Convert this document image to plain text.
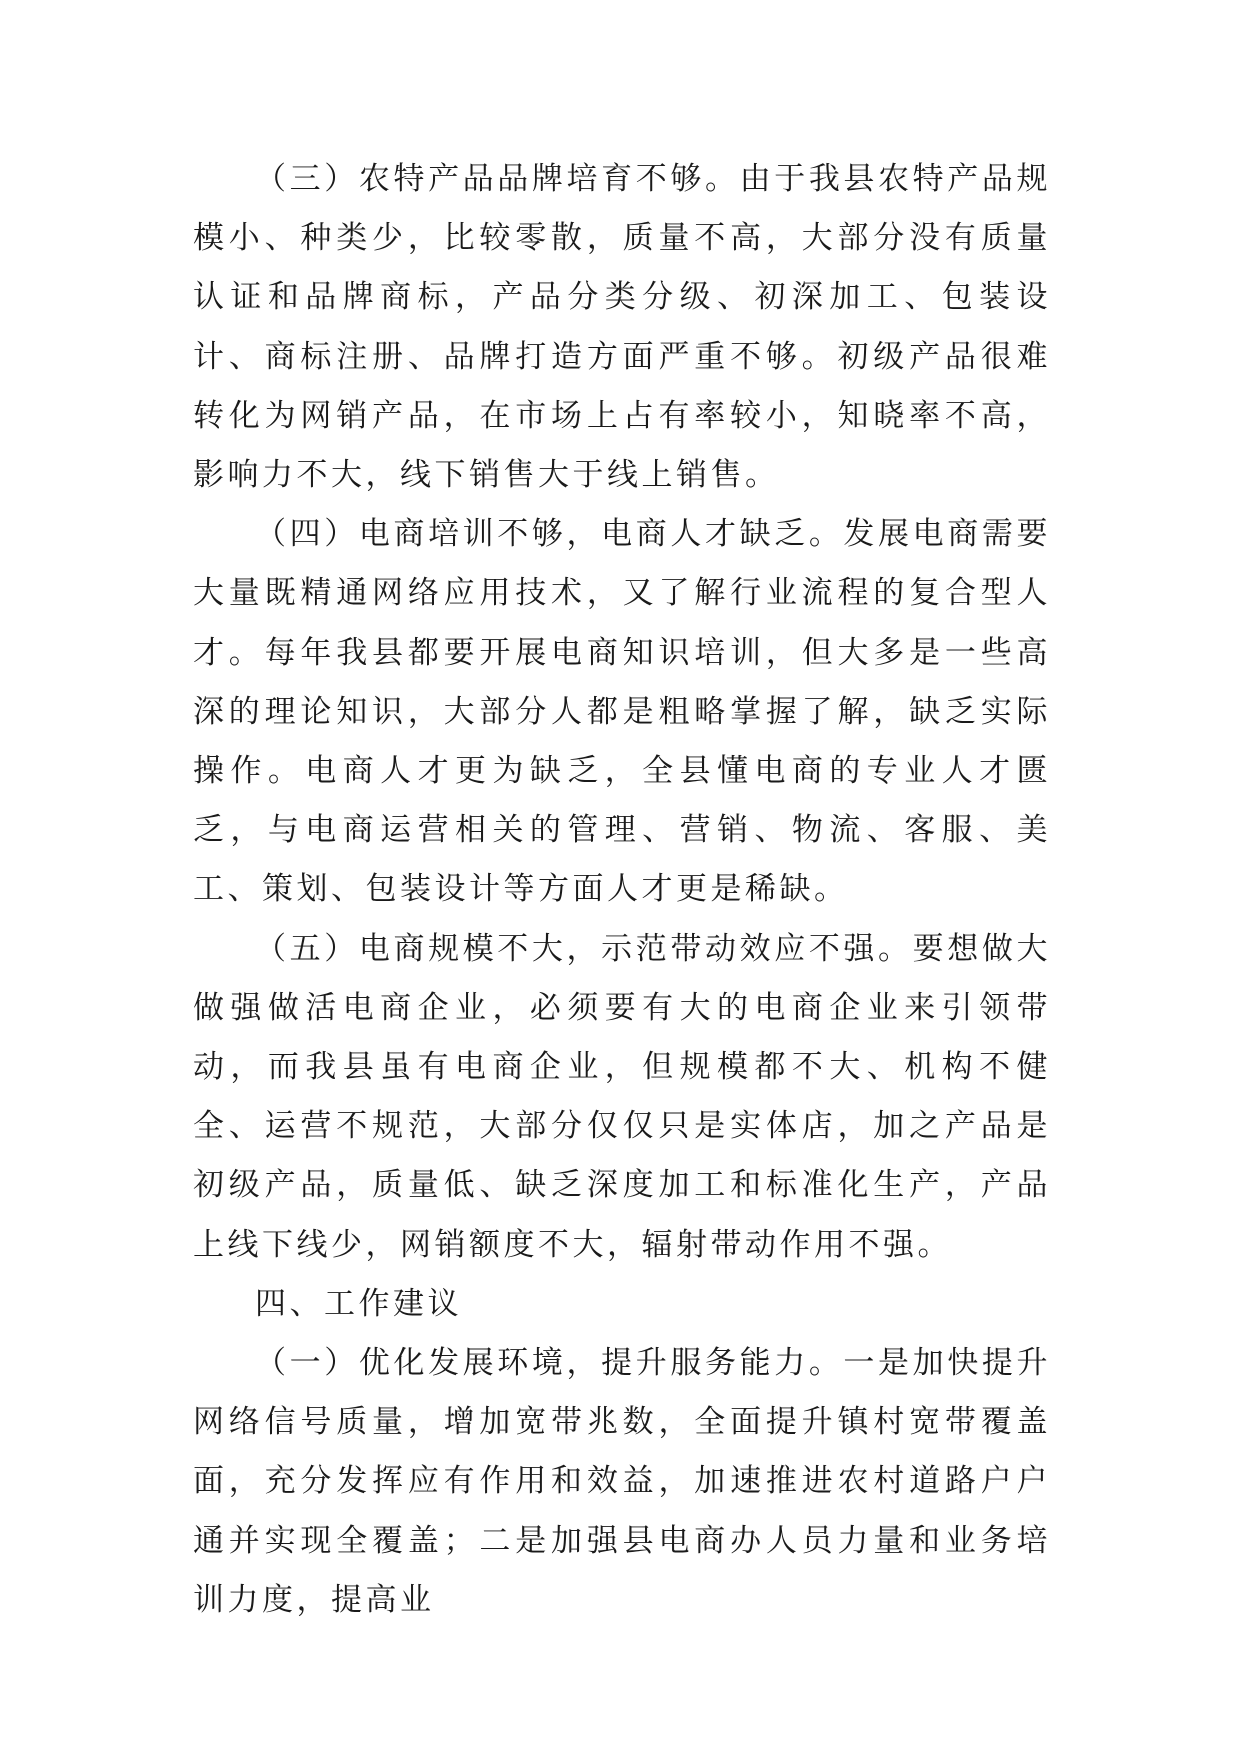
（三）农特产品品牌培育不够。由于我县农特产品规模小、种类少，比较零散，质量不高，大部分没有质量认证和品牌商标，产品分类分级、初深加工、包装设计、商标注册、品牌打造方面严重不够。初级产品很难转化为网销产品，在市场上占有率较小，知晓率不高，影响力不大，线下销售大于线上销售。

（四）电商培训不够，电商人才缺乏。发展电商需要大量既精通网络应用技术，又了解行业流程的复合型人才。每年我县都要开展电商知识培训，但大多是一些高深的理论知识，大部分人都是粗略掌握了解，缺乏实际操作。电商人才更为缺乏，全县懂电商的专业人才匮乏，与电商运营相关的管理、营销、物流、客服、美工、策划、包装设计等方面人才更是稀缺。

（五）电商规模不大，示范带动效应不强。要想做大做强做活电商企业，必须要有大的电商企业来引领带动，而我县虽有电商企业，但规模都不大、机构不健全、运营不规范，大部分仅仅只是实体店，加之产品是初级产品，质量低、缺乏深度加工和标准化生产，产品上线下线少，网销额度不大，辐射带动作用不强。

四、工作建议

（一）优化发展环境，提升服务能力。一是加快提升网络信号质量，增加宽带兆数，全面提升镇村宽带覆盖面，充分发挥应有作用和效益，加速推进农村道路户户通并实现全覆盖；二是加强县电商办人员力量和业务培训力度，提高业
